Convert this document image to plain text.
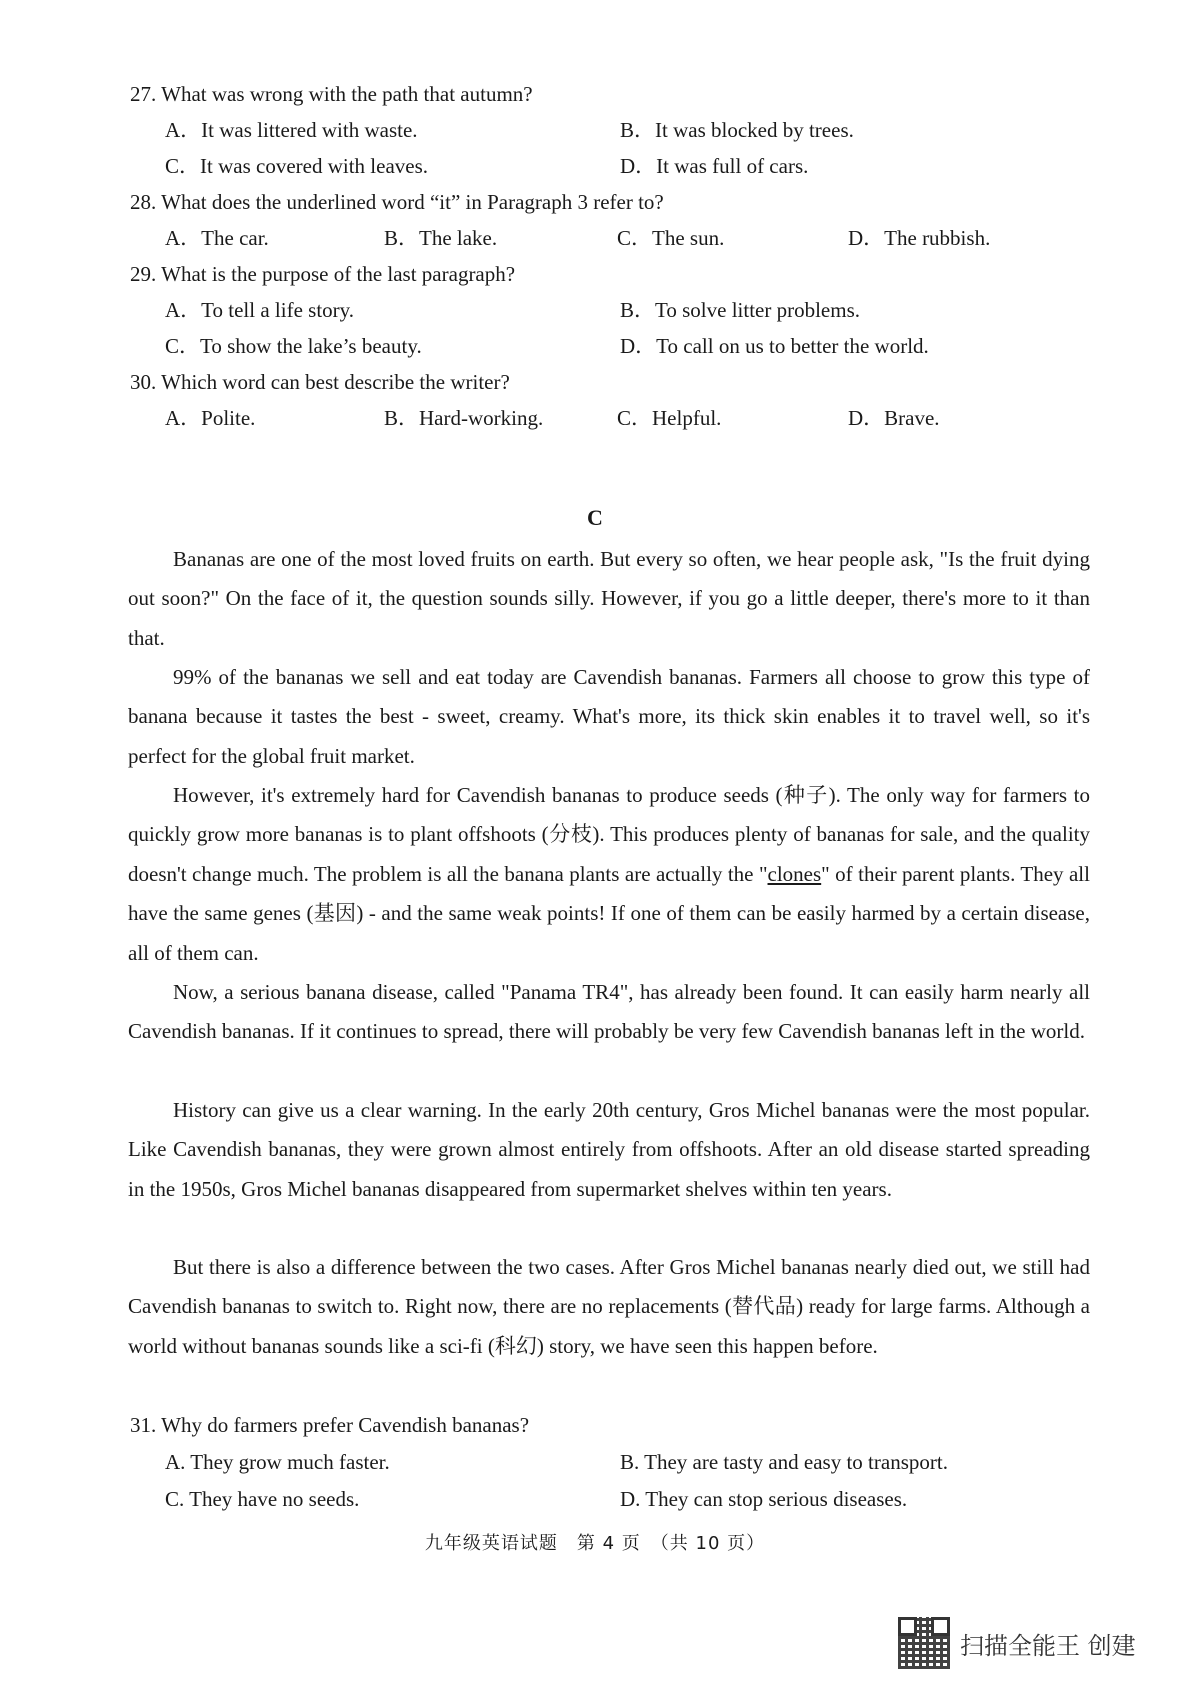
27. What was wrong with the path that autumn?
A．It was littered with waste.	B．It was blocked by trees.
C．It was covered with leaves.	D．It was full of cars.
28. What does the underlined word “it” in Paragraph 3 refer to?
A．The car.	B．The lake.	C．The sun.	D．The rubbish.
29. What is the purpose of the last paragraph?
A．To tell a life story.	B．To solve litter problems.
C．To show the lake’s beauty.	D．To call on us to better the world.
30. Which word can best describe the writer?
A．Polite.	B．Hard-working.	C．Helpful.	D．Brave.
C

Bananas are one of the most loved fruits on earth. But every so often, we hear people ask, "Is the fruit dying out soon?" On the face of it, the question sounds silly. However, if you go a little deeper, there's more to it than that.

99% of the bananas we sell and eat today are Cavendish bananas. Farmers all choose to grow this type of banana because it tastes the best - sweet, creamy. What's more, its thick skin enables it to travel well, so it's perfect for the global fruit market.

However, it's extremely hard for Cavendish bananas to produce seeds (种子). The only way for farmers to quickly grow more bananas is to plant offshoots (分枝). This produces plenty of bananas for sale, and the quality doesn't change much. The problem is all the banana plants are actually the "clones" of their parent plants. They all have the same genes (基因) - and the same weak points! If one of them can be easily harmed by a certain disease, all of them can.

Now, a serious banana disease, called "Panama TR4", has already been found. It can easily harm nearly all Cavendish bananas. If it continues to spread, there will probably be very few Cavendish bananas left in the world.

History can give us a clear warning. In the early 20th century, Gros Michel bananas were the most popular. Like Cavendish bananas, they were grown almost entirely from offshoots. After an old disease started spreading in the 1950s, Gros Michel bananas disappeared from supermarket shelves within ten years.

But there is also a difference between the two cases. After Gros Michel bananas nearly died out, we still had Cavendish bananas to switch to. Right now, there are no replacements (替代品) ready for large farms. Although a world without bananas sounds like a sci-fi (科幻) story, we have seen this happen before.

31. Why do farmers prefer Cavendish bananas?
A. They grow much faster.	B. They are tasty and easy to transport.
C. They have no seeds.	D. They can stop serious diseases.
九年级英语试题　第 4 页　（共 10 页）
扫描全能王 创建
